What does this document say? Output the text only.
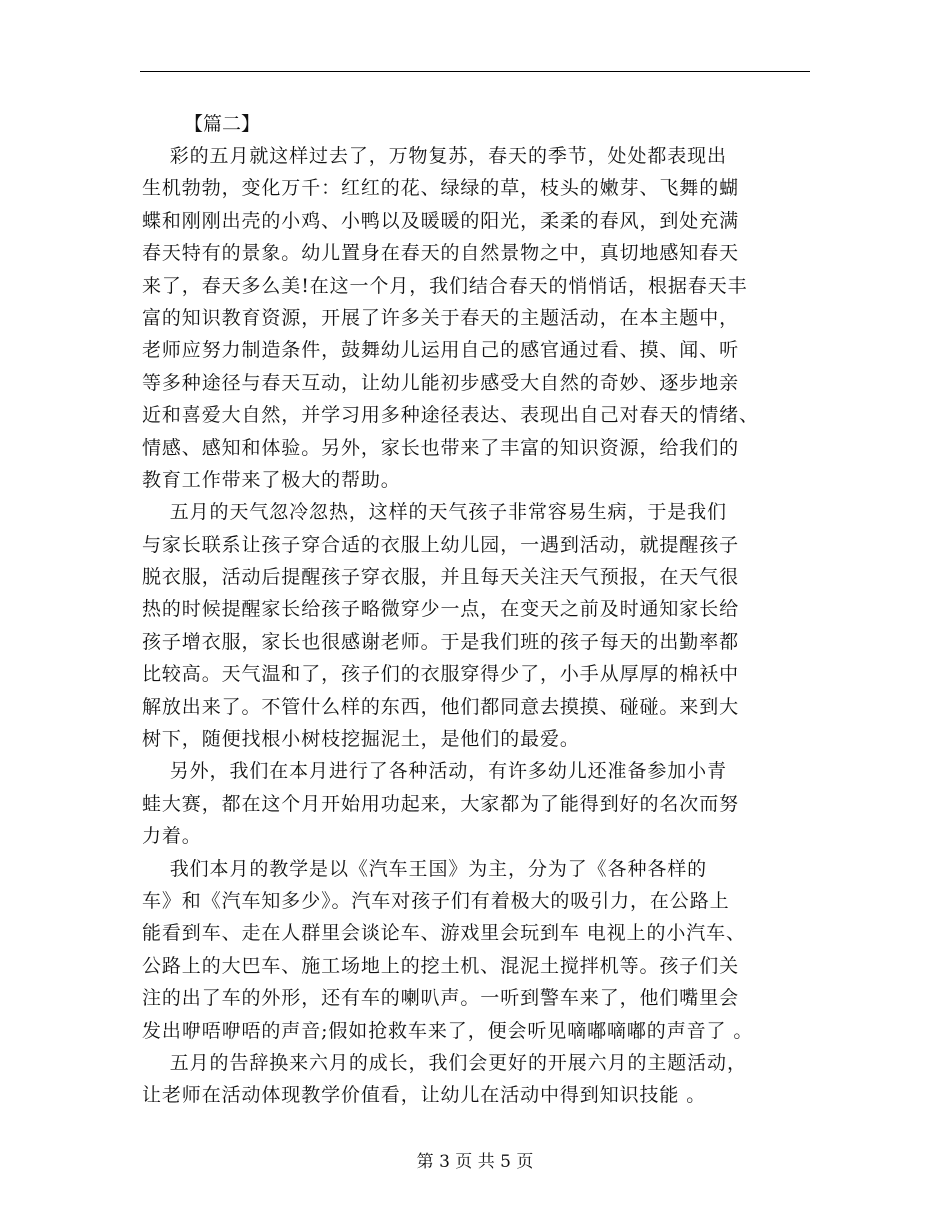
【篇二】
彩的五月就这样过去了，万物复苏，春天的季节，处处都表现出
生机勃勃，变化万千：红红的花、绿绿的草，枝头的嫩芽、飞舞的蝴
蝶和刚刚出壳的小鸡、小鸭以及暖暖的阳光，柔柔的春风，到处充满
春天特有的景象。幼儿置身在春天的自然景物之中，真切地感知春天
来了，春天多么美!在这一个月，我们结合春天的悄悄话，根据春天丰
富的知识教育资源，开展了许多关于春天的主题活动，在本主题中，
老师应努力制造条件，鼓舞幼儿运用自己的感官通过看、摸、闻、听
等多种途径与春天互动，让幼儿能初步感受大自然的奇妙、逐步地亲
近和喜爱大自然，并学习用多种途径表达、表现出自己对春天的情绪、
情感、感知和体验。另外，家长也带来了丰富的知识资源，给我们的
教育工作带来了极大的帮助。
五月的天气忽冷忽热，这样的天气孩子非常容易生病，于是我们
与家长联系让孩子穿合适的衣服上幼儿园，一遇到活动，就提醒孩子
脱衣服，活动后提醒孩子穿衣服，并且每天关注天气预报，在天气很
热的时候提醒家长给孩子略微穿少一点，在变天之前及时通知家长给
孩子增衣服，家长也很感谢老师。于是我们班的孩子每天的出勤率都
比较高。天气温和了，孩子们的衣服穿得少了，小手从厚厚的棉袄中
解放出来了。不管什么样的东西，他们都同意去摸摸、碰碰。来到大
树下，随便找根小树枝挖掘泥土，是他们的最爱。
另外，我们在本月进行了各种活动，有许多幼儿还准备参加小青
蛙大赛，都在这个月开始用功起来，大家都为了能得到好的名次而努
力着。
我们本月的教学是以《汽车王国》为主，分为了《各种各样的
车》和《汽车知多少》。汽车对孩子们有着极大的吸引力，在公路上
能看到车、走在人群里会谈论车、游戏里会玩到车 电视上的小汽车、
公路上的大巴车、施工场地上的挖土机、混泥土搅拌机等。孩子们关
注的出了车的外形，还有车的喇叭声。一听到警车来了，他们嘴里会
发出咿唔咿唔的声音;假如抢救车来了，便会听见嘀嘟嘀嘟的声音了 。
五月的告辞换来六月的成长，我们会更好的开展六月的主题活动，
让老师在活动体现教学价值看，让幼儿在活动中得到知识技能 。
第 3 页 共 5 页
